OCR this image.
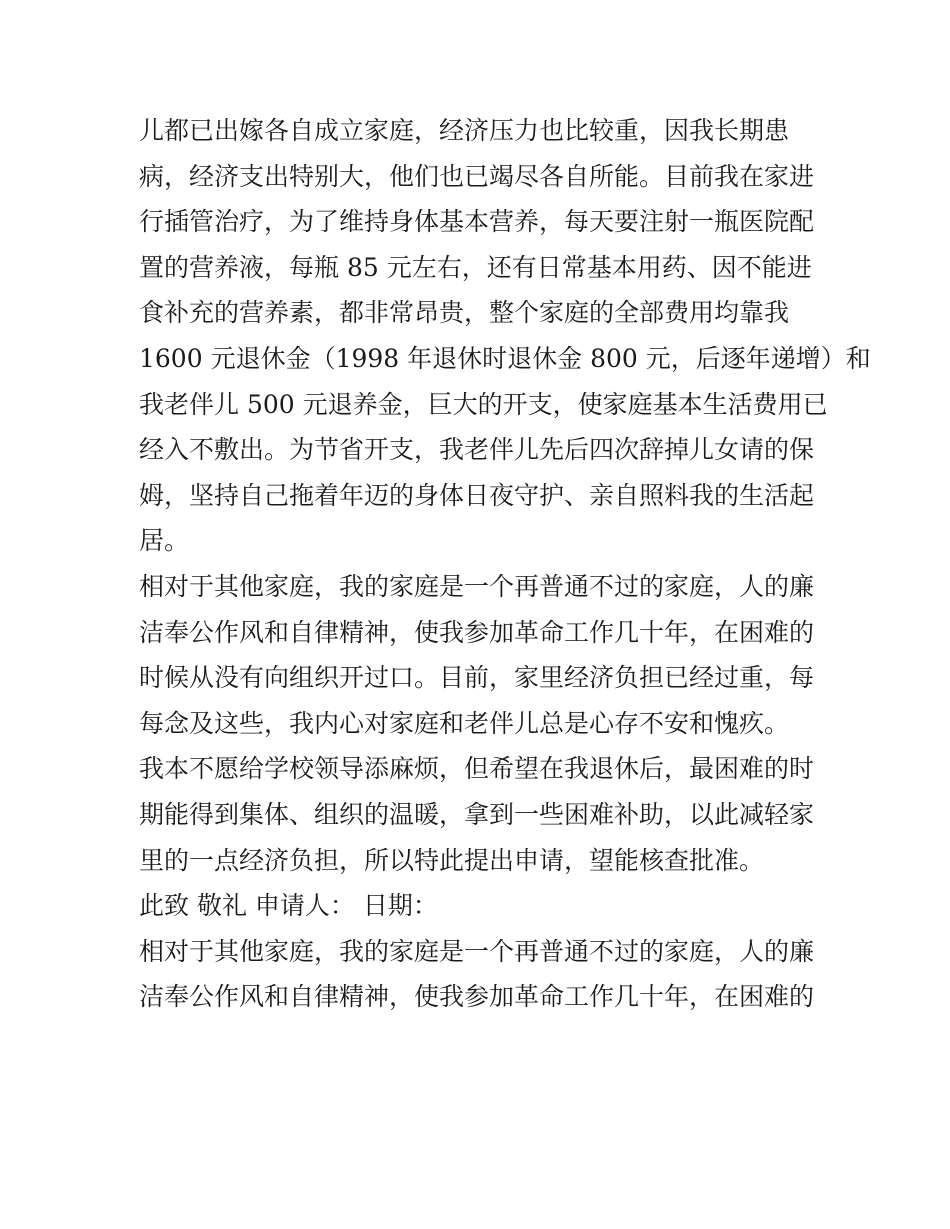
儿都已出嫁各自成立家庭，经济压力也比较重，因我长期患
病，经济支出特别大，他们也已竭尽各自所能。目前我在家进
行插管治疗，为了维持身体基本营养，每天要注射一瓶医院配
置的营养液，每瓶 85 元左右，还有日常基本用药、因不能进
食补充的营养素，都非常昂贵，整个家庭的全部费用均靠我
1600 元退休金（1998 年退休时退休金 800 元，后逐年递增）和
我老伴儿 500 元退养金，巨大的开支，使家庭基本生活费用已
经入不敷出。为节省开支，我老伴儿先后四次辞掉儿女请的保
姆，坚持自己拖着年迈的身体日夜守护、亲自照料我的生活起
居。
相对于其他家庭，我的家庭是一个再普通不过的家庭，人的廉
洁奉公作风和自律精神，使我参加革命工作几十年，在困难的
时候从没有向组织开过口。目前，家里经济负担已经过重，每
每念及这些，我内心对家庭和老伴儿总是心存不安和愧疚。
我本不愿给学校领导添麻烦，但希望在我退休后，最困难的时
期能得到集体、组织的温暖，拿到一些困难补助，以此减轻家
里的一点经济负担，所以特此提出申请，望能核查批准。
此致 敬礼 申请人： 日期：
相对于其他家庭，我的家庭是一个再普通不过的家庭，人的廉
洁奉公作风和自律精神，使我参加革命工作几十年，在困难的
